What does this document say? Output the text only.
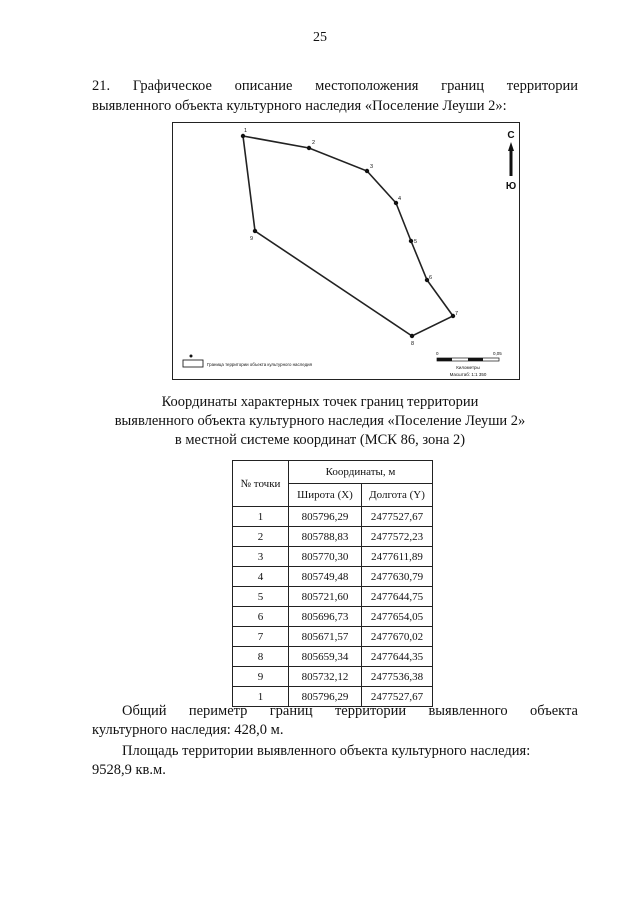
25
21. Графическое описание местоположения границ территории
выявленного объекта культурного наследия «Поселение Леуши 2»:
1
2
3
4
5
6
7
8
9
С
Ю
Граница территории объекта культурного наследия
0	0,05
Километры
Масштаб: 1:1 350
Координаты характерных точек границ территории
выявленного объекта культурного наследия «Поселение Леуши 2»
в местной системе координат (МСК 86, зона 2)
№ точки	Координаты, м	
	Широта (X)	Долгота (Y)
1	805796,29	2477527,67
2	805788,83	2477572,23
3	805770,30	2477611,89
4	805749,48	2477630,79
5	805721,60	2477644,75
6	805696,73	2477654,05
7	805671,57	2477670,02
8	805659,34	2477644,35
9	805732,12	2477536,38
1	805796,29	2477527,67
Общий периметр границ территории выявленного объекта
культурного наследия: 428,0 м.
Площадь территории выявленного объекта культурного наследия:
9528,9 кв.м.
